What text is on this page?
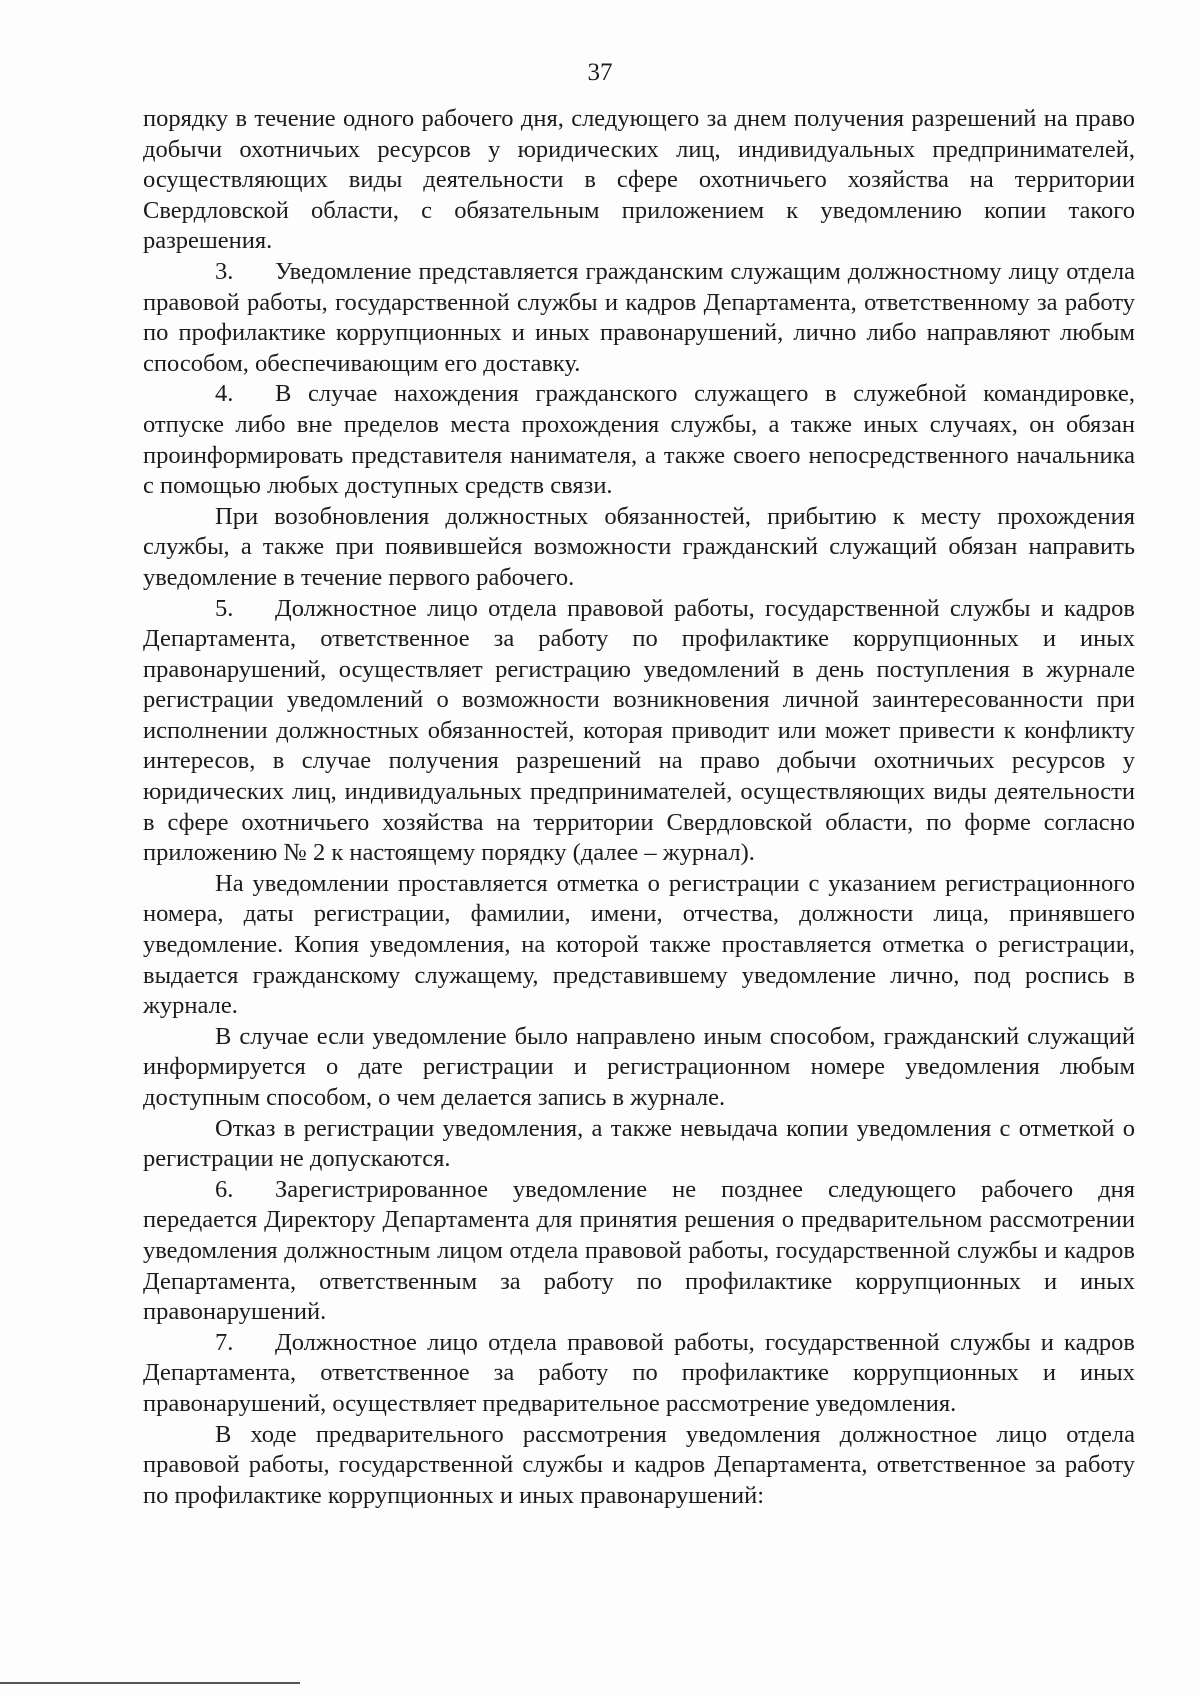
37

порядку в течение одного рабочего дня, следующего за днем получения разрешений на право добычи охотничьих ресурсов у юридических лиц, индивидуальных предпринимателей, осуществляющих виды деятельности в сфере охотничьего хозяйства на территории Свердловской области, с обязательным приложением к уведомлению копии такого разрешения.

3. Уведомление представляется гражданским служащим должностному лицу отдела правовой работы, государственной службы и кадров Департамента, ответственному за работу по профилактике коррупционных и иных правонарушений, лично либо направляют любым способом, обеспечивающим его доставку.

4. В случае нахождения гражданского служащего в служебной командировке, отпуске либо вне пределов места прохождения службы, а также иных случаях, он обязан проинформировать представителя нанимателя, а также своего непосредственного начальника с помощью любых доступных средств связи.

При возобновления должностных обязанностей, прибытию к месту прохождения службы, а также при появившейся возможности гражданский служащий обязан направить уведомление в течение первого рабочего.

5. Должностное лицо отдела правовой работы, государственной службы и кадров Департамента, ответственное за работу по профилактике коррупционных и иных правонарушений, осуществляет регистрацию уведомлений в день поступления в журнале регистрации уведомлений о возможности возникновения личной заинтересованности при исполнении должностных обязанностей, которая приводит или может привести к конфликту интересов, в случае получения разрешений на право добычи охотничьих ресурсов у юридических лиц, индивидуальных предпринимателей, осуществляющих виды деятельности в сфере охотничьего хозяйства на территории Свердловской области, по форме согласно приложению № 2 к настоящему порядку (далее – журнал).

На уведомлении проставляется отметка о регистрации с указанием регистрационного номера, даты регистрации, фамилии, имени, отчества, должности лица, принявшего уведомление. Копия уведомления, на которой также проставляется отметка о регистрации, выдается гражданскому служащему, представившему уведомление лично, под роспись в журнале.

В случае если уведомление было направлено иным способом, гражданский служащий информируется о дате регистрации и регистрационном номере уведомления любым доступным способом, о чем делается запись в журнале.

Отказ в регистрации уведомления, а также невыдача копии уведомления с отметкой о регистрации не допускаются.

6. Зарегистрированное уведомление не позднее следующего рабочего дня передается Директору Департамента для принятия решения о предварительном рассмотрении уведомления должностным лицом отдела правовой работы, государственной службы и кадров Департамента, ответственным за работу по профилактике коррупционных и иных правонарушений.

7. Должностное лицо отдела правовой работы, государственной службы и кадров Департамента, ответственное за работу по профилактике коррупционных и иных правонарушений, осуществляет предварительное рассмотрение уведомления.

В ходе предварительного рассмотрения уведомления должностное лицо отдела правовой работы, государственной службы и кадров Департамента, ответственное за работу по профилактике коррупционных и иных правонарушений:
